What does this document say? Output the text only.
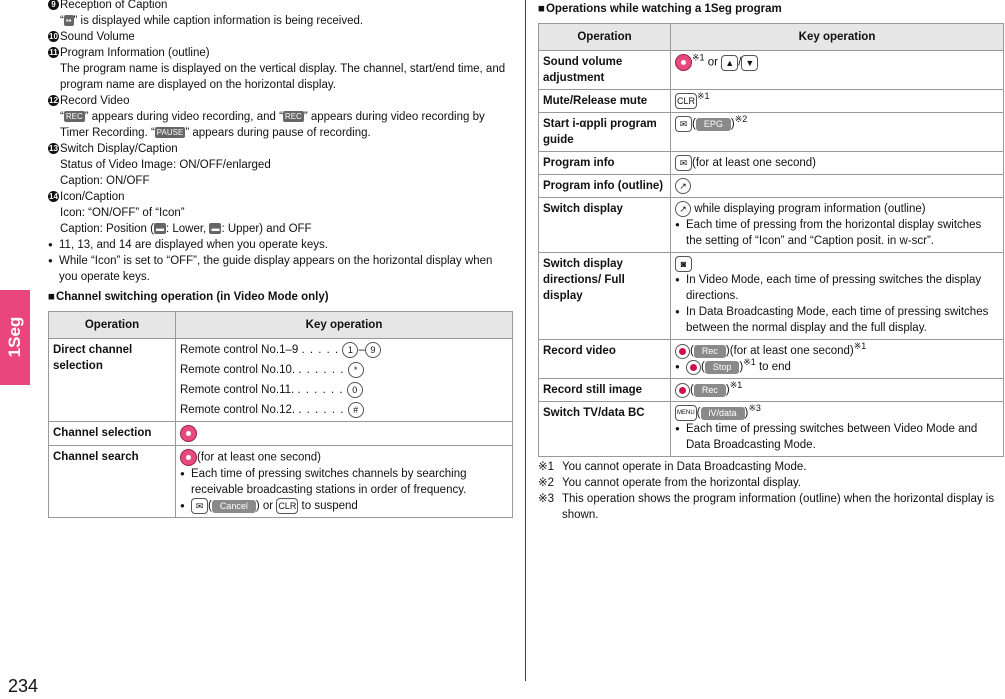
1Seg
234
9 Reception of Caption
“ ▪▪ ” is displayed while caption information is being received.
10 Sound Volume
11 Program Information (outline)
The program name is displayed on the vertical display. The channel, start/end time, and program name are displayed on the horizontal display.
12 Record Video
“ REC ” appears during video recording, and “ REC ” appears during video recording by Timer Recording. “ PAUSE ” appears during pause of recording.
13 Switch Display/Caption
Status of Video Image: ON/OFF/enlarged
Caption: ON/OFF
14 Icon/Caption
Icon: “ON/OFF” of “Icon”
Caption: Position ( ▬ : Lower, ▬ : Upper) and OFF
● 11, 13, and 14 are displayed when you operate keys.
● While “Icon” is set to “OFF”, the guide display appears on the horizontal display when you operate keys.
■ Channel switching operation (in Video Mode only)
Operation	Key operation
Direct channel selection	Remote control No.1–9 . . . . . 1 – 9
Remote control No.10. . . . . . . *
Remote control No.11. . . . . . . 0
Remote control No.12. . . . . . . #

Channel selection	
Channel search	(for at least one second)
● Each time of pressing switches channels by searching receivable broadcasting stations in order of frequency.
● ✉ ( Cancel ) or CLR to suspend
■ Operations while watching a 1Seg program
Operation	Key operation
Sound volume adjustment	$^{※1}$ or ▲ / ▼
Mute/Release mute	CLR $^{※1}$
Start i-αppli program guide	✉ ( EPG )$^{※2}$
Program info	✉ (for at least one second)
Program info (outline)	↗
Switch display	↗ while displaying program information (outline)
● Each time of pressing from the horizontal display switches the setting of “Icon” and “Caption posit. in w-scr”.

Switch display directions/ Full display	◙
● In Video Mode, each time of pressing switches the display directions.
● In Data Broadcasting Mode, each time of pressing switches between the normal display and the full display.

Record video	( Rec )(for at least one second)$^{※1}$
● ( Stop )$^{※1}$ to end

Record still image	( Rec )$^{※1}$
Switch TV/data BC	MENU ( iV/data )$^{※3}$
● Each time of pressing switches between Video Mode and Data Broadcasting Mode.
※1 You cannot operate in Data Broadcasting Mode.
※2 You cannot operate from the horizontal display.
※3 This operation shows the program information (outline) when the horizontal display is shown.
